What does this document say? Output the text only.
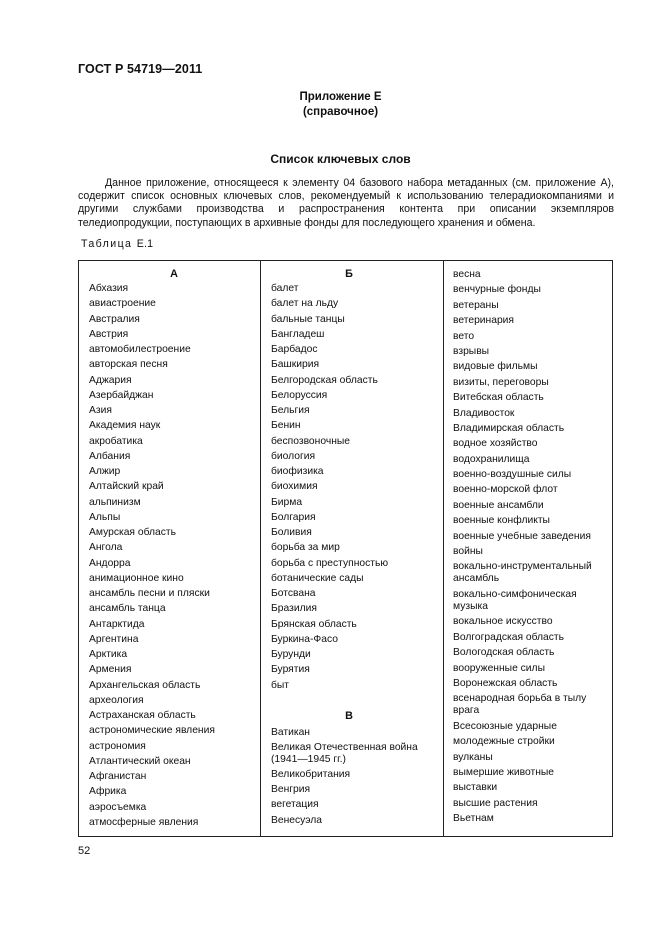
ГОСТ Р 54719—2011
Приложение Е
(справочное)
Список ключевых слов

Данное приложение, относящееся к элементу 04 базового набора метаданных (см. приложение А), содержит список основных ключевых слов, рекомендуемый к использованию телерадиокомпаниями и другими службами производства и распространения контента при описании экземпляров теледиопродукции, поступающих в архивные фонды для последующего хранения и обмена.

Таблица Е.1
А
Абхазия
авиастроение
Австралия
Австрия
автомобилестроение
авторская песня
Аджария
Азербайджан
Азия
Академия наук
акробатика
Албания
Алжир
Алтайский край
альпинизм
Альпы
Амурская область
Ангола
Андорра
анимационное кино
ансамбль песни и пляски
ансамбль танца
Антарктида
Аргентина
Арктика
Армения
Архангельская область
археология
Астраханская область
астрономические явления
астрономия
Атлантический океан
Афганистан
Африка
аэросъемка
атмосферные явления
Б
балет
балет на льду
бальные танцы
Бангладеш
Барбадос
Башкирия
Белгородская область
Белоруссия
Бельгия
Бенин
беспозвоночные
биология
биофизика
биохимия
Бирма
Болгария
Боливия
борьба за мир
борьба с преступностью
ботанические сады
Ботсвана
Бразилия
Брянская область
Буркина-Фасо
Бурунди
Бурятия
быт
В
Ватикан
Великая Отечественная война (1941—1945 гг.)
Великобритания
Венгрия
вегетация
Венесуэла
весна
венчурные фонды
ветераны
ветеринария
вето
взрывы
видовые фильмы
визиты, переговоры
Витебская область
Владивосток
Владимирская область
водное хозяйство
водохранилища
военно-воздушные силы
военно-морской флот
военные ансамбли
военные конфликты
военные учебные заведения
войны
вокально-инструментальный ансамбль
вокально-симфоническая музыка
вокальное искусство
Волгоградская область
Вологодская область
вооруженные силы
Воронежская область
всенародная борьба в тылу врага
Всесоюзные ударные
молодежные стройки
вулканы
вымершие животные
выставки
высшие растения
Вьетнам
52
